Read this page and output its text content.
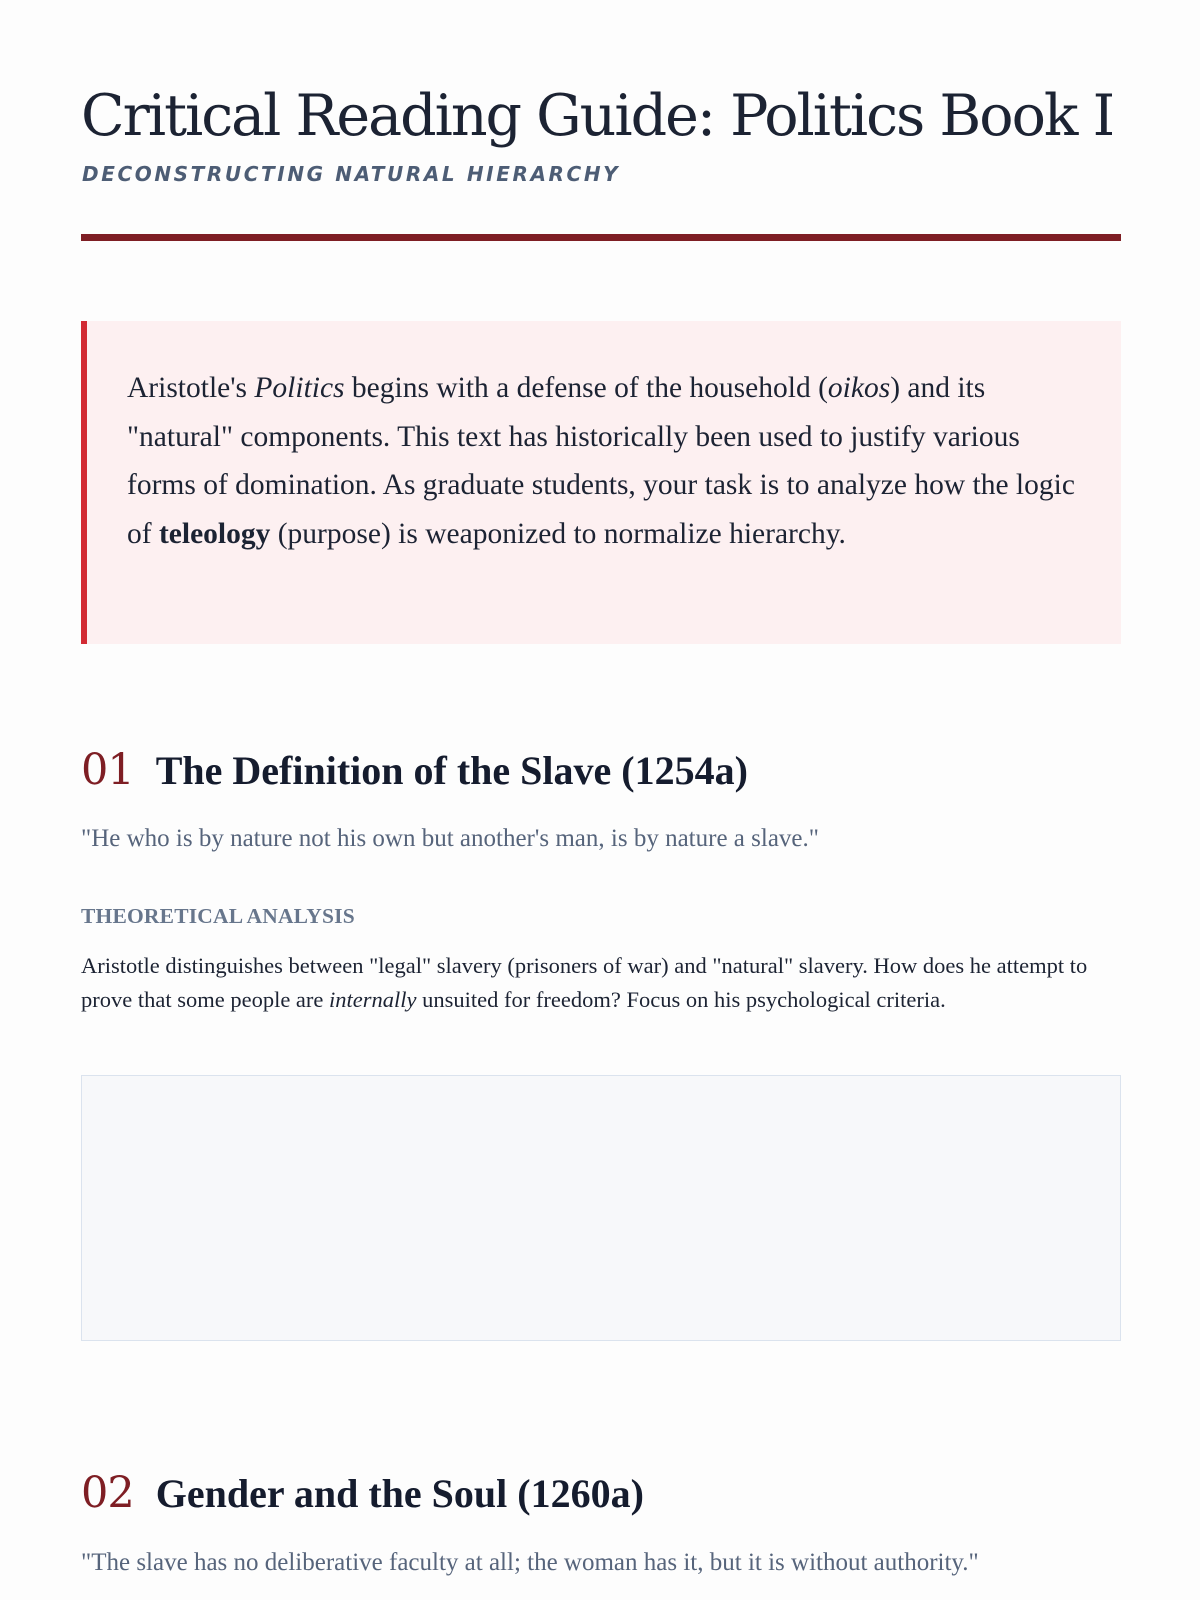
Critical Reading Guide: Politics Book I
DECONSTRUCTING NATURAL HIERARCHY
Aristotle's Politics begins with a defense of the household (oikos) and its "natural" components. This text has historically been used to justify various forms of domination. As graduate students, your task is to analyze how the logic of teleology (purpose) is weaponized to normalize hierarchy.
01 The Definition of the Slave (1254a)
"He who is by nature not his own but another's man, is by nature a slave."
THEORETICAL ANALYSIS
Aristotle distinguishes between "legal" slavery (prisoners of war) and "natural" slavery. How does he attempt to prove that some people are internally unsuited for freedom? Focus on his psychological criteria.
02 Gender and the Soul (1260a)
"The slave has no deliberative faculty at all; the woman has it, but it is without authority."
